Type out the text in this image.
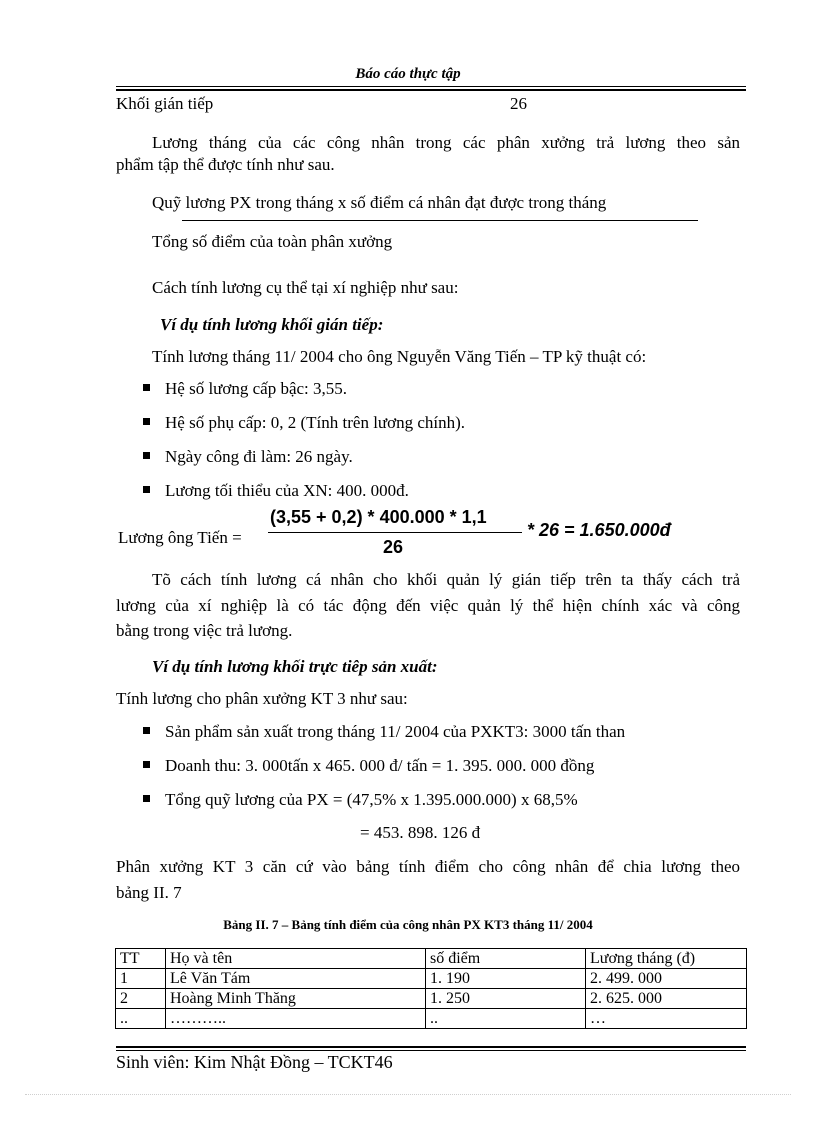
Báo cáo thực tập
Khối gián tiếp	26
Lương tháng của các công nhân trong các phân xưởng trả lương theo sản
phẩm tập thể được tính như sau.
Quỹ lương PX trong tháng x số điểm cá nhân đạt được trong tháng
Tổng số điểm của toàn phân xưởng
Cách tính lương cụ thể tại xí nghiệp như sau:
Ví dụ tính lương khối gián tiếp:
Tính lương tháng 11/ 2004 cho ông Nguyễn Văng Tiến – TP kỹ thuật có:
Hệ số lương cấp bậc: 3,55.
Hệ số phụ cấp: 0, 2 (Tính trên lương chính).
Ngày công đi làm: 26 ngày.
Lương tối thiểu của XN: 400. 000đ.
Lương ông Tiến =
(3,55 + 0,2) * 400.000 * 1,1
26
* 26 = 1.650.000đ
Tõ cách tính lương cá nhân cho khối quản lý gián tiếp trên ta thấy cách trả
lương của xí nghiệp là có tác động đến việc quản lý thể hiện chính xác và công
bằng trong việc trả lương.
Ví dụ tính lương khối trực tiêp sản xuất:
Tính lương cho phân xưởng KT 3 như sau:
Sản phẩm sản xuất trong tháng 11/ 2004 của PXKT3: 3000 tấn than
Doanh thu: 3. 000tấn x 465. 000 đ/ tấn = 1. 395. 000. 000 đồng
Tổng quỹ lương của PX = (47,5% x 1.395.000.000) x 68,5%
= 453. 898. 126 đ
Phân xưởng KT 3 căn cứ vào bảng tính điểm cho công nhân để chia lương theo
bảng II. 7
Bảng II. 7 – Bảng tính điểm của công nhân PX KT3 tháng 11/ 2004
TT	Họ và tên	số điểm	Lương tháng (đ)
1	Lê Văn Tám	1. 190	2. 499. 000
2	Hoàng Minh Thăng	1. 250	2. 625. 000
..	………..	..	…
Sinh viên: Kim Nhật Đồng – TCKT46
